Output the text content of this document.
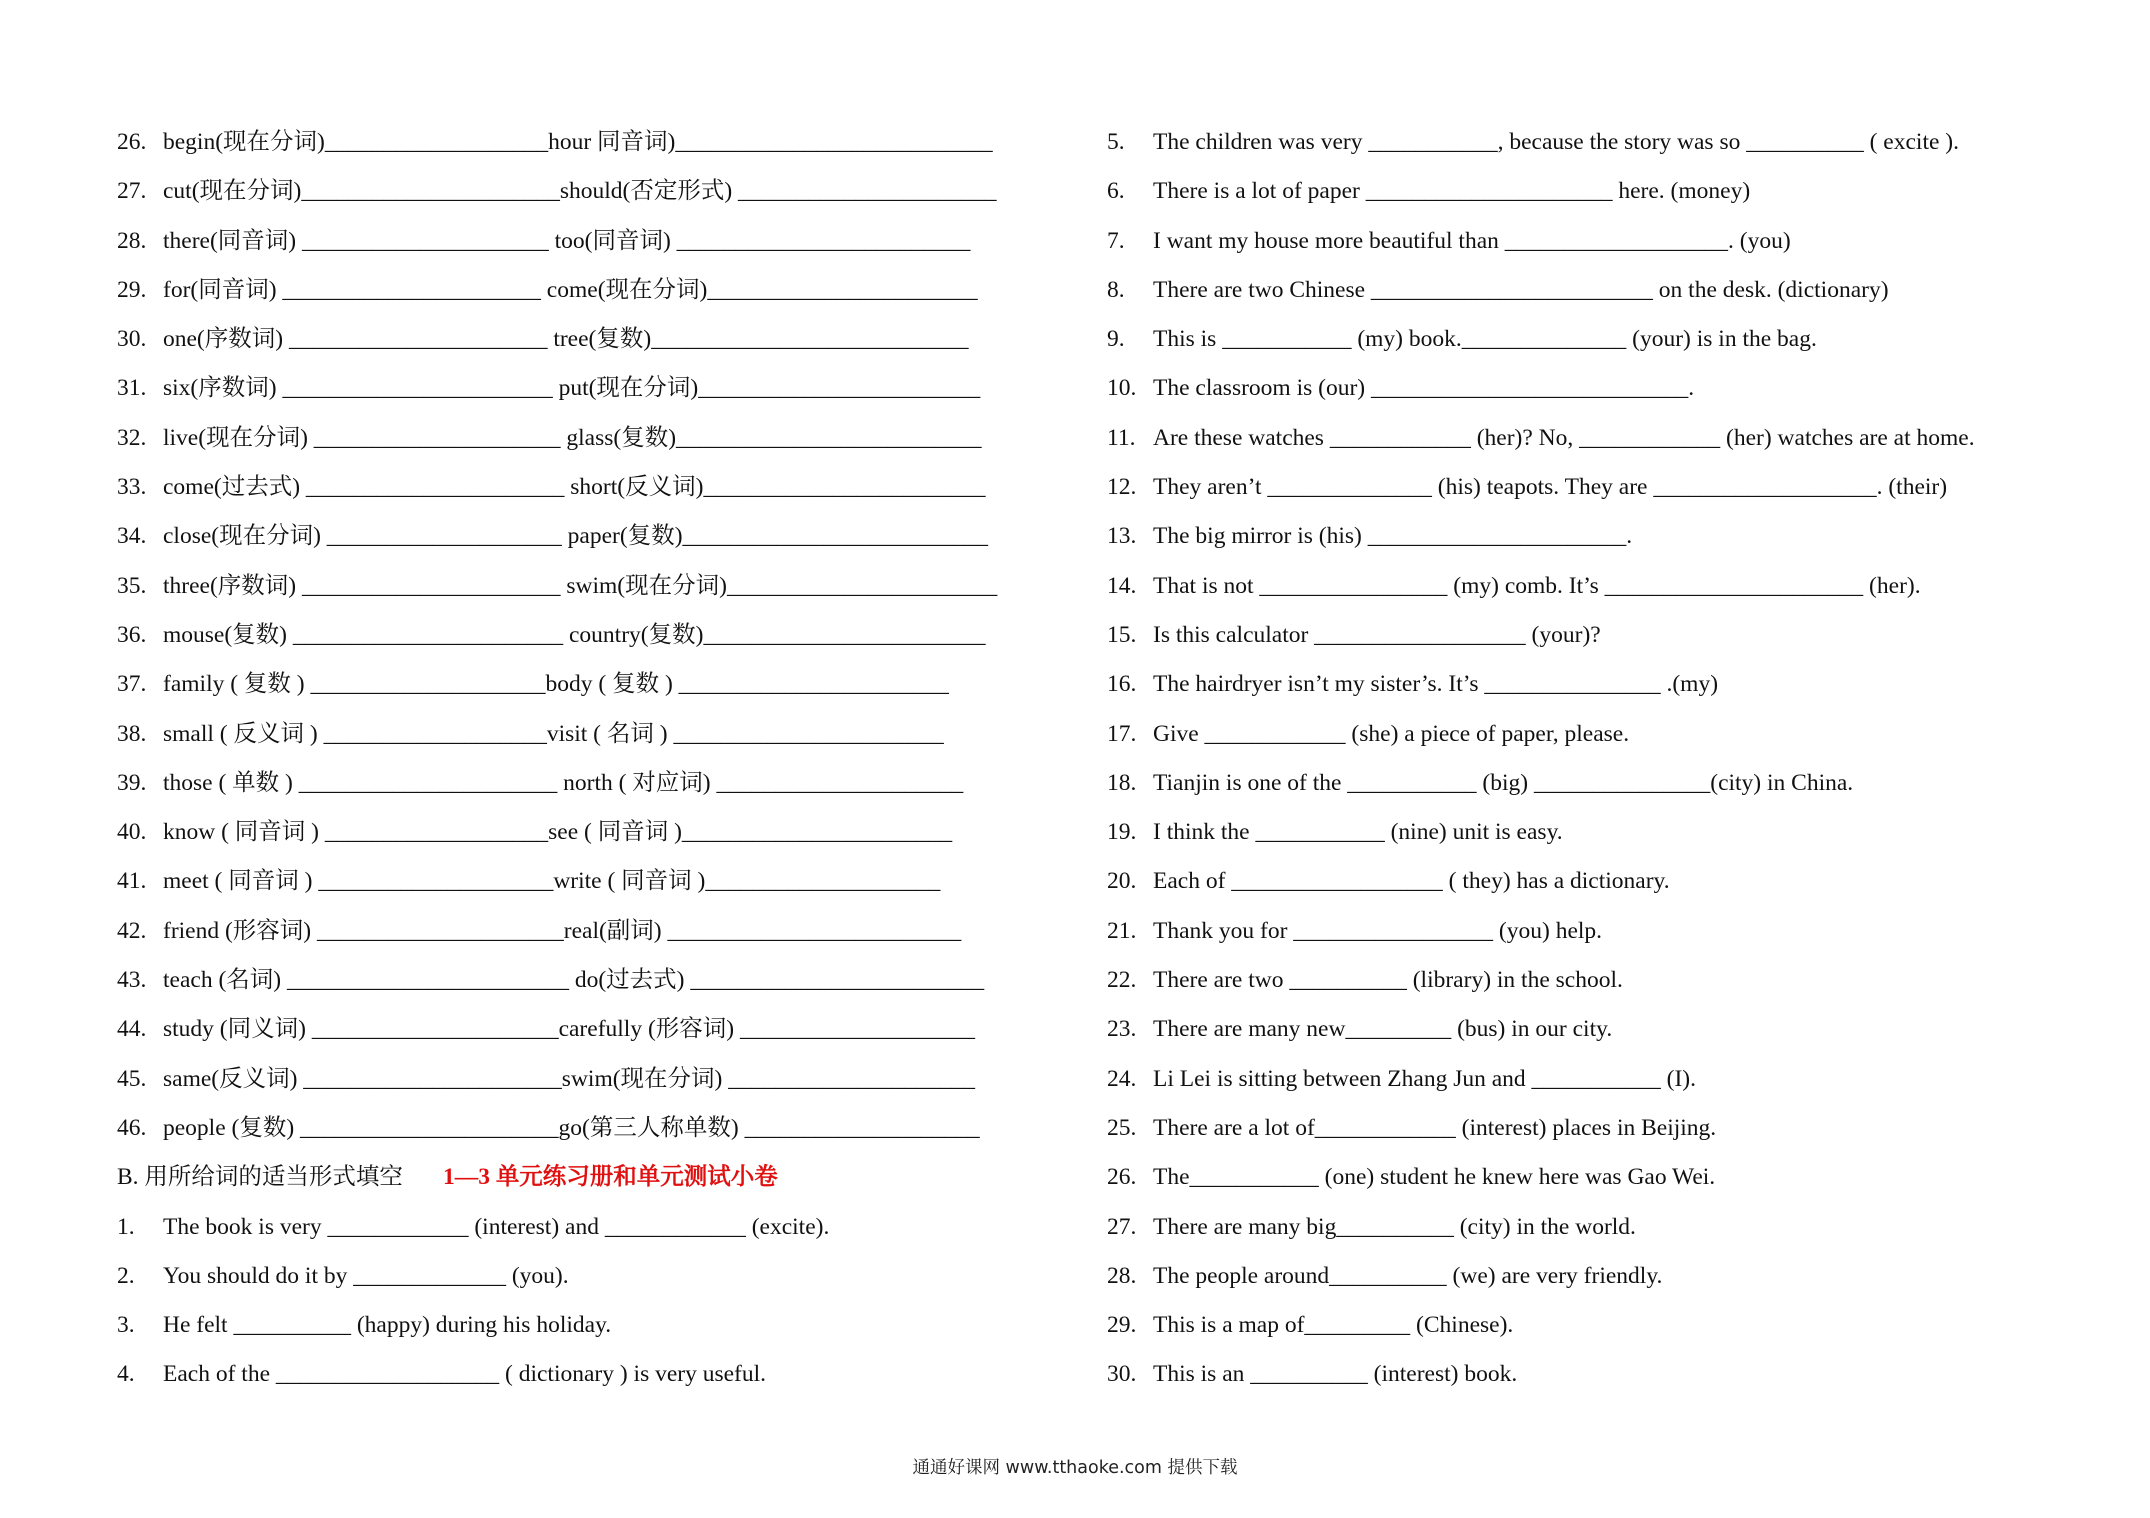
26. begin(现在分词)___________________hour 同音词)___________________________
27. cut(现在分词)______________________should(否定形式) ______________________
28. there(同音词) _____________________ too(同音词) _________________________
29. for(同音词) ______________________ come(现在分词)_______________________
30. one(序数词) ______________________ tree(复数)___________________________
31. six(序数词) _______________________ put(现在分词)________________________
32. live(现在分词) _____________________ glass(复数)__________________________
33. come(过去式) ______________________ short(反义词)________________________
34. close(现在分词) ____________________ paper(复数)__________________________
35. three(序数词) ______________________ swim(现在分词)_______________________
36. mouse(复数) _______________________ country(复数)________________________
37. family ( 复数 ) ____________________body ( 复数 ) _______________________
38. small ( 反义词 ) ___________________visit ( 名词 ) _______________________
39. those ( 单数 ) ______________________ north ( 对应词) _____________________
40. know ( 同音词 ) ___________________see ( 同音词 )_______________________
41. meet ( 同音词 ) ____________________write ( 同音词 )____________________
42. friend (形容词) _____________________real(副词) _________________________
43. teach (名词) ________________________ do(过去式) _________________________
44. study (同义词) _____________________carefully (形容词) ____________________
45. same(反义词) ______________________swim(现在分词) _____________________
46. people (复数) ______________________go(第三人称单数) ____________________
B. 用所给词的适当形式填空 1—3 单元练习册和单元测试小卷
1.	The book is very ____________ (interest) and ____________ (excite).
2.	You should do it by _____________ (you).
3.	He felt __________ (happy) during his holiday.
4.	Each of the ___________________ ( dictionary ) is very useful.
5.	The children was very ___________, because the story was so __________ ( excite ).
6.	There is a lot of paper _____________________ here. (money)
7.	I want my house more beautiful than ___________________. (you)
8.	There are two Chinese ________________________ on the desk. (dictionary)
9.	This is ___________ (my) book.______________ (your) is in the bag.
10. The classroom is (our) ___________________________.
11. Are these watches ____________ (her)? No, ____________ (her) watches are at home.
12. They aren’t ______________ (his) teapots. They are ___________________. (their)
13. The big mirror is (his) ______________________.
14. That is not ________________ (my) comb. It’s ______________________ (her).
15. Is this calculator __________________ (your)?
16. The hairdryer isn’t my sister’s. It’s _______________ .(my)
17. Give ____________ (she) a piece of paper, please.
18. Tianjin is one of the ___________ (big) _______________(city) in China.
19. I think the ___________ (nine) unit is easy.
20. Each of __________________ ( they) has a dictionary.
21. Thank you for _________________ (you) help.
22. There are two __________ (library) in the school.
23. There are many new_________ (bus) in our city.
24. Li Lei is sitting between Zhang Jun and ___________ (I).
25. There are a lot of____________ (interest) places in Beijing.
26. The___________ (one) student he knew here was Gao Wei.
27. There are many big__________ (city) in the world.
28. The people around__________ (we) are very friendly.
29. This is a map of_________ (Chinese).
30. This is an __________ (interest) book.
通通好课网 www.tthaoke.com 提供下载
